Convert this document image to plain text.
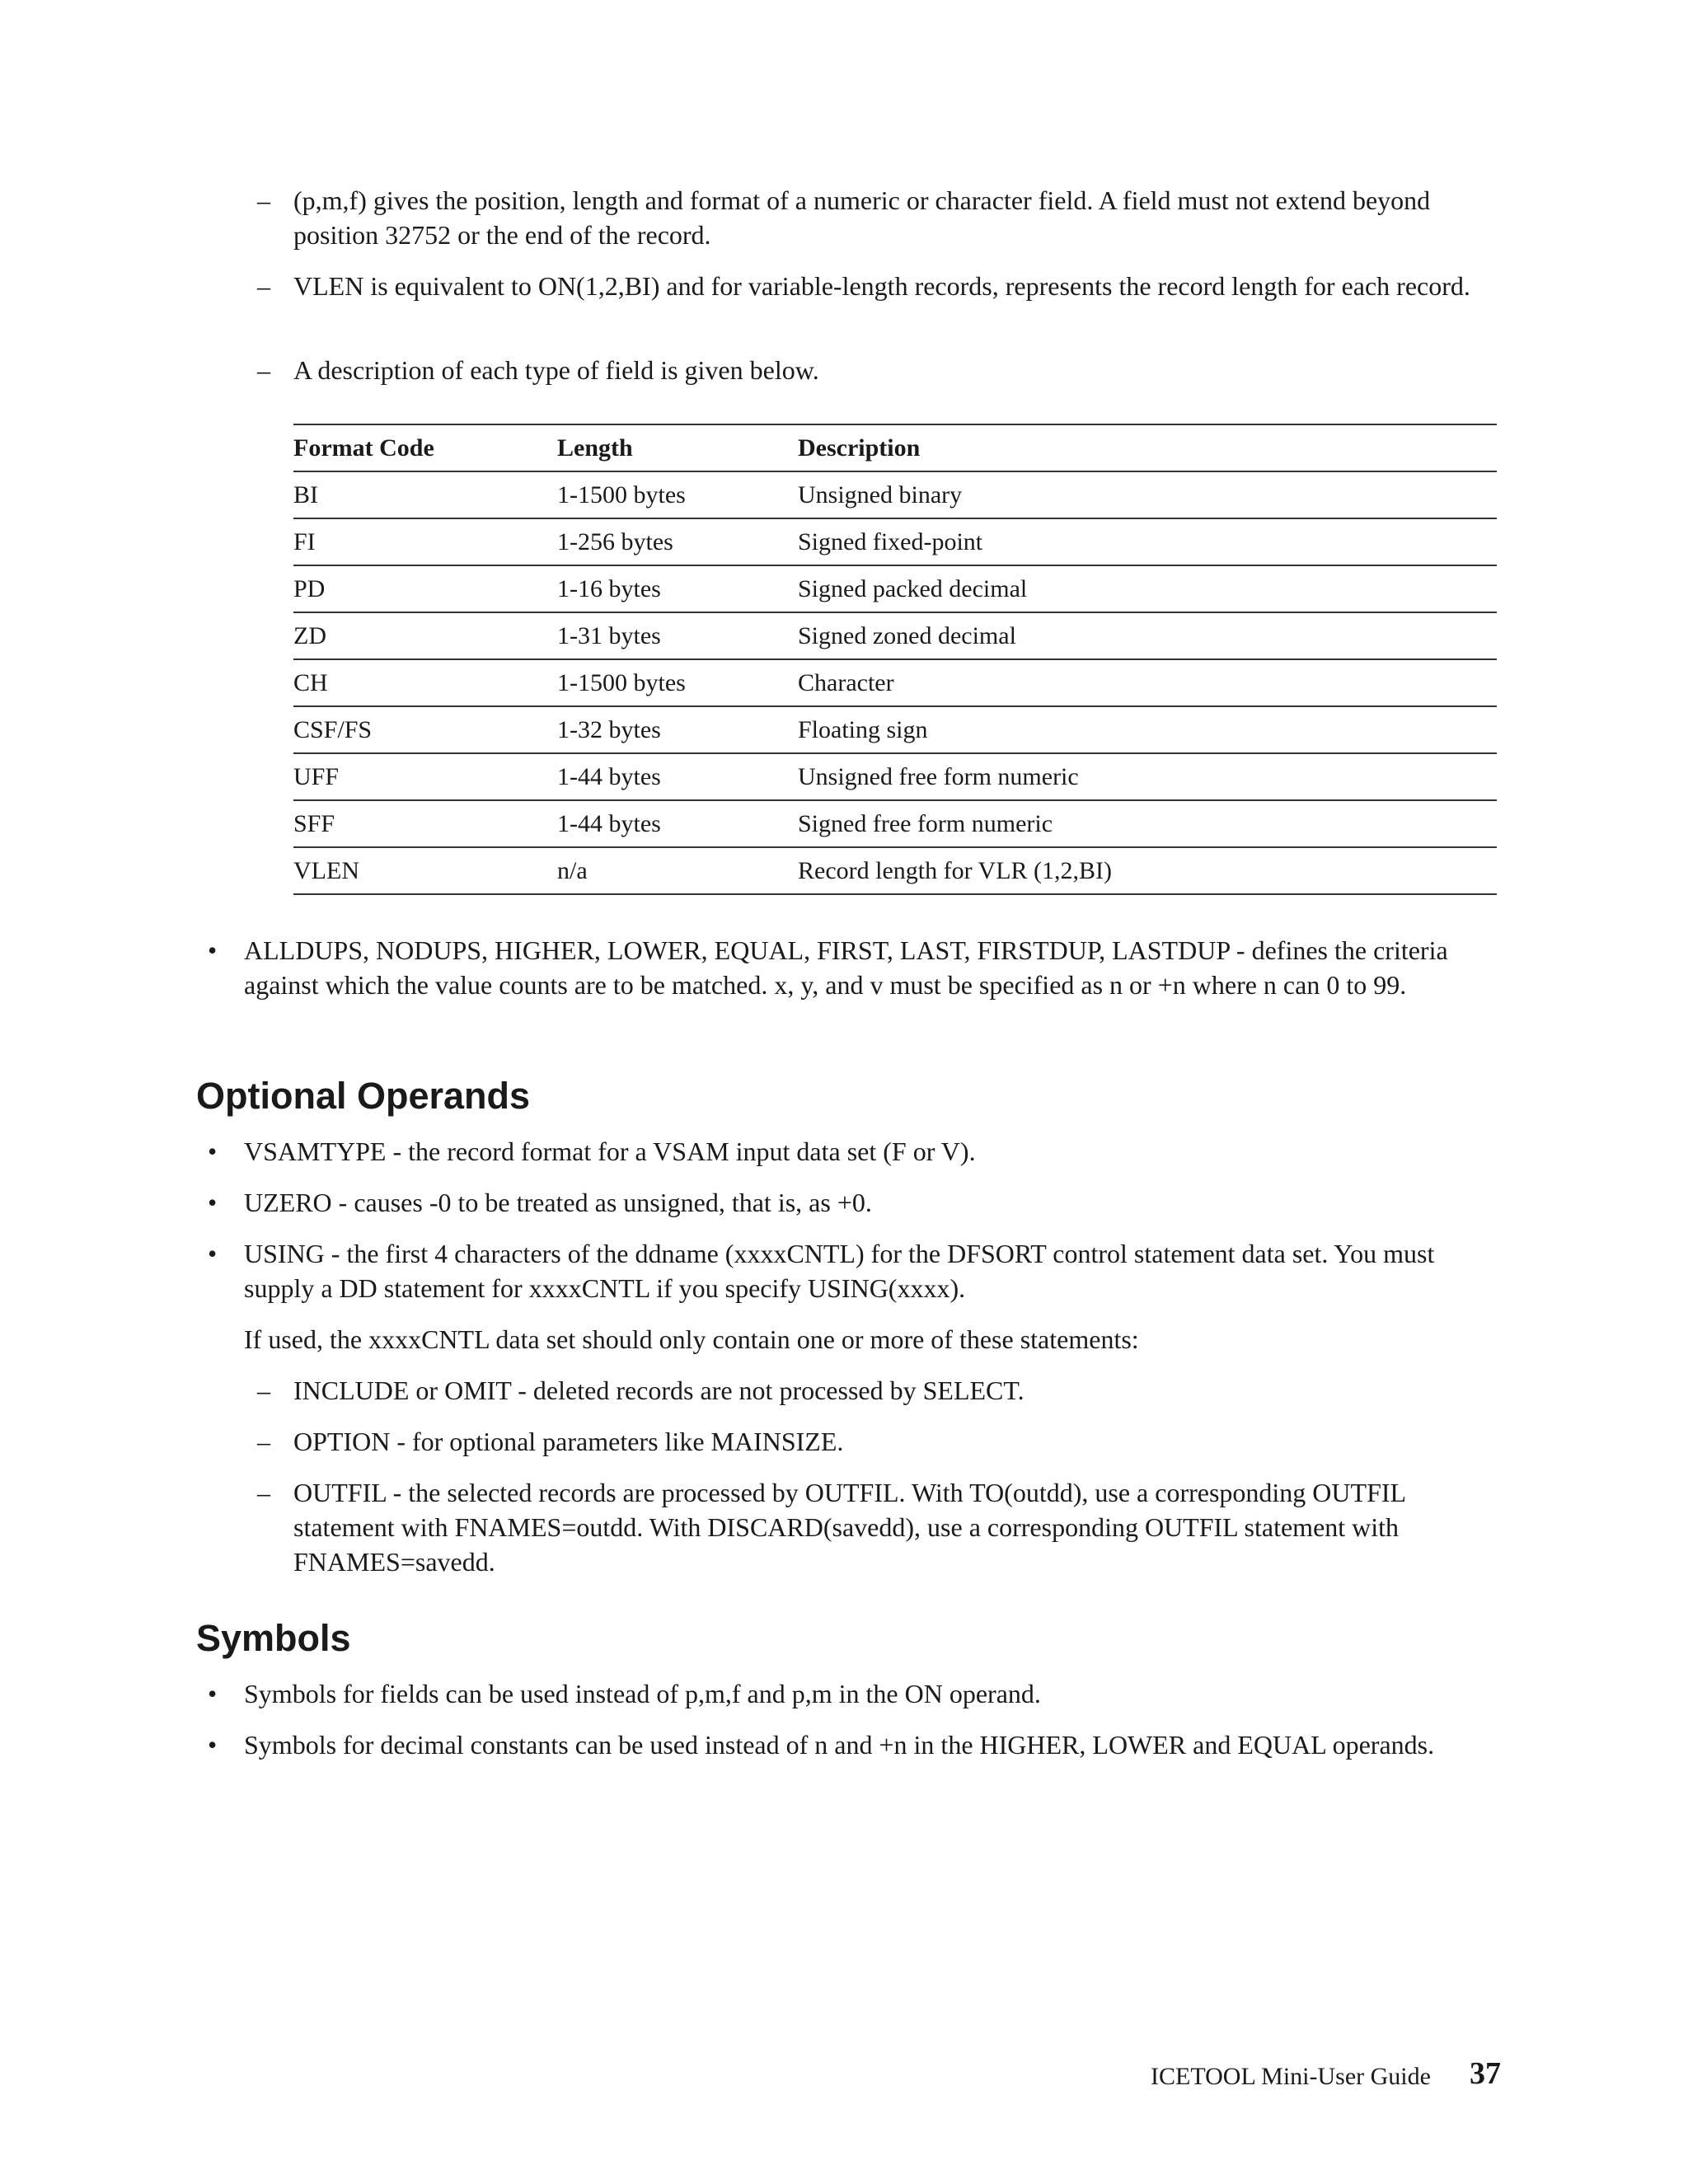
– (p,m,f) gives the position, length and format of a numeric or character field. A field must not extend beyond position 32752 or the end of the record.
– VLEN is equivalent to ON(1,2,BI) and for variable-length records, represents the record length for each record.
– A description of each type of field is given below.
Format Code	Length	Description
BI	1-1500 bytes	Unsigned binary
FI	1-256 bytes	Signed fixed-point
PD	1-16 bytes	Signed packed decimal
ZD	1-31 bytes	Signed zoned decimal
CH	1-1500 bytes	Character
CSF/FS	1-32 bytes	Floating sign
UFF	1-44 bytes	Unsigned free form numeric
SFF	1-44 bytes	Signed free form numeric
VLEN	n/a	Record length for VLR (1,2,BI)
•	ALLDUPS, NODUPS, HIGHER, LOWER, EQUAL, FIRST, LAST, FIRSTDUP, LASTDUP - defines the criteria against which the value counts are to be matched. x, y, and v must be specified as n or +n where n can 0 to 99.
Optional Operands
•	VSAMTYPE - the record format for a VSAM input data set (F or V).
•	UZERO - causes -0 to be treated as unsigned, that is, as +0.
•	USING - the first 4 characters of the ddname (xxxxCNTL) for the DFSORT control statement data set. You must supply a DD statement for xxxxCNTL if you specify USING(xxxx).
If used, the xxxxCNTL data set should only contain one or more of these statements:
– INCLUDE or OMIT - deleted records are not processed by SELECT.
– OPTION - for optional parameters like MAINSIZE.
– OUTFIL - the selected records are processed by OUTFIL. With TO(outdd), use a corresponding OUTFIL statement with FNAMES=outdd. With DISCARD(savedd), use a corresponding OUTFIL statement with FNAMES=savedd.
Symbols
•	Symbols for fields can be used instead of p,m,f and p,m in the ON operand.
•	Symbols for decimal constants can be used instead of n and +n in the HIGHER, LOWER and EQUAL operands.
ICETOOL Mini-User Guide 37
